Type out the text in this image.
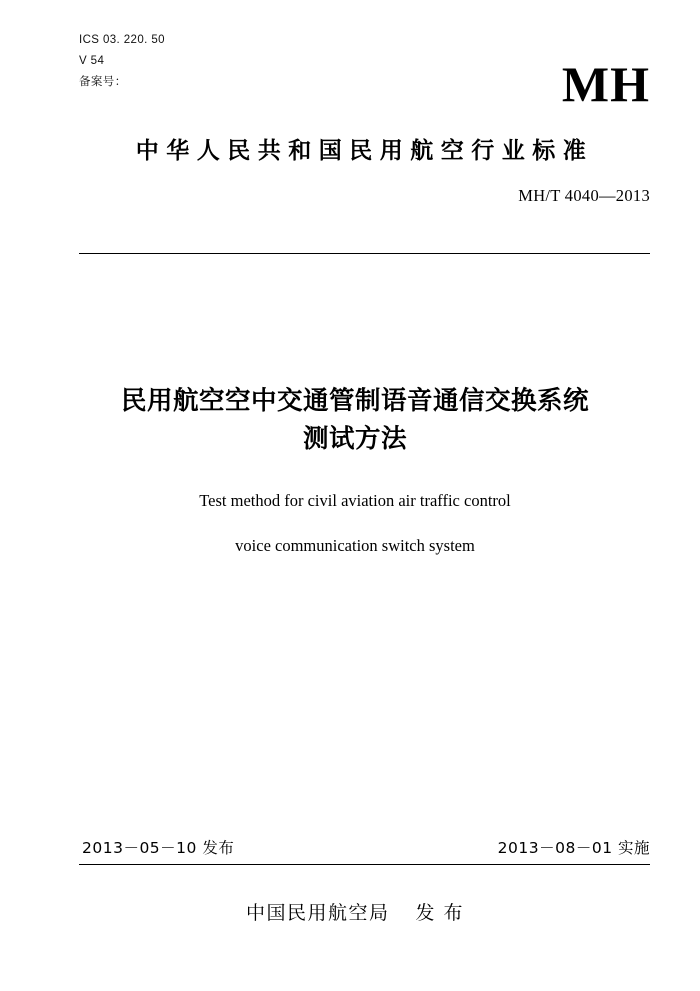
ICS 03. 220. 50
V 54
备案号：	MH
中华人民共和国民用航空行业标准
MH/T 4040—2013
民用航空空中交通管制语音通信交换系统
测试方法
Test method for civil aviation air traffic control
voice communication switch system
2013－05－10 发布	2013－08－01 实施
中国民用航空局 发 布
